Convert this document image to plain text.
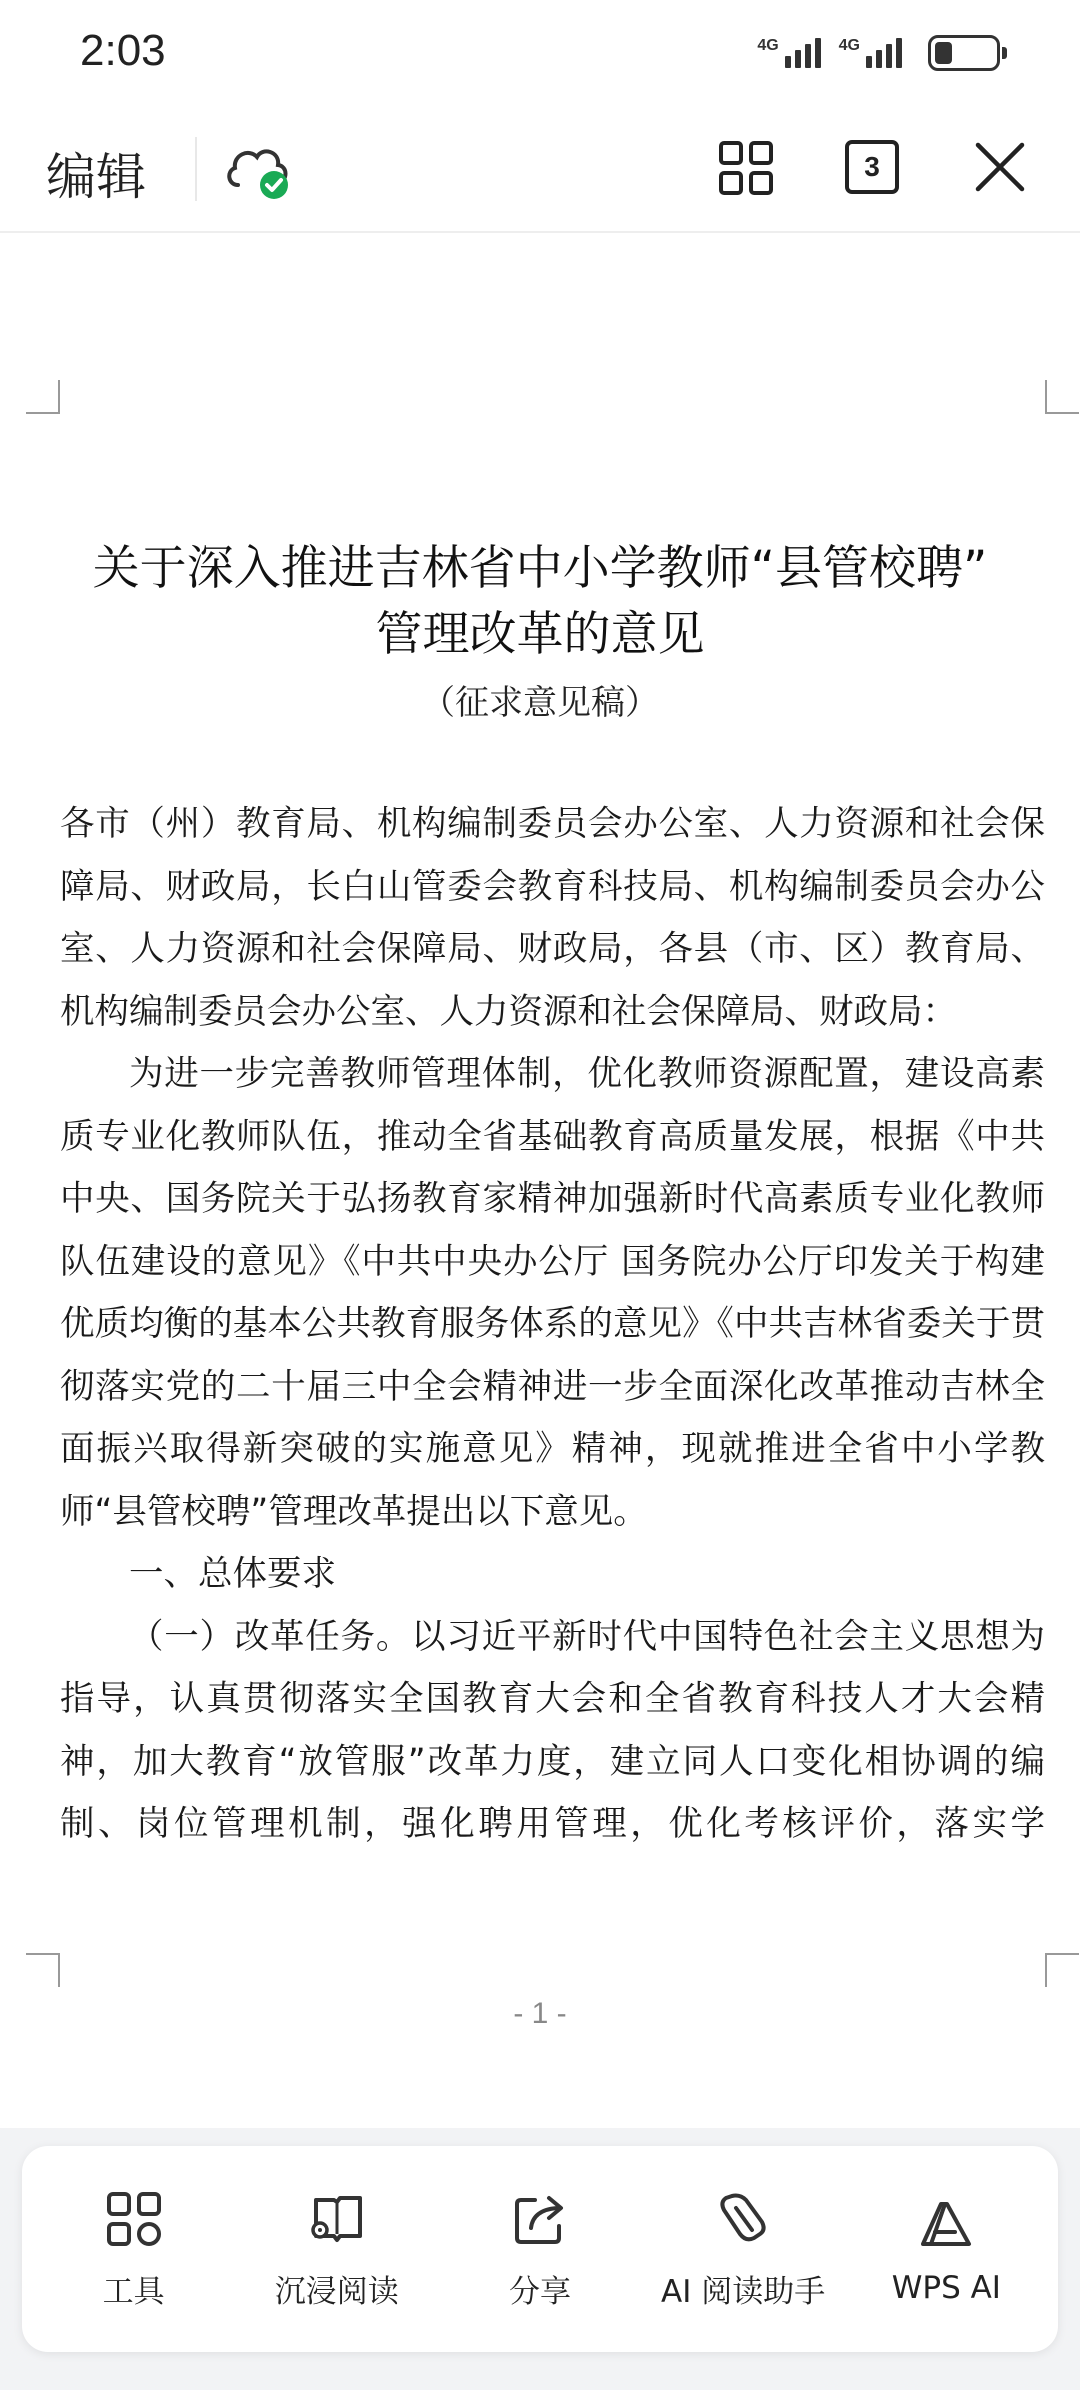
2:03	4G	4G
编辑	3
关于深入推进吉林省中小学教师“县管校聘”
管理改革的意见
（征求意见稿）

各市（州）教育局、机构编制委员会办公室、人力资源和社会保障局、财政局，长白山管委会教育科技局、机构编制委员会办公室、人力资源和社会保障局、财政局，各县（市、区）教育局、机构编制委员会办公室、人力资源和社会保障局、财政局：

为进一步完善教师管理体制，优化教师资源配置，建设高素质专业化教师队伍，推动全省基础教育高质量发展，根据《中共中央、国务院关于弘扬教育家精神加强新时代高素质专业化教师队伍建设的意见》《中共中央办公厅 国务院办公厅印发关于构建优质均衡的基本公共教育服务体系的意见》《中共吉林省委关于贯彻落实党的二十届三中全会精神进一步全面深化改革推动吉林全面振兴取得新突破的实施意见》精神，现就推进全省中小学教师“县管校聘”管理改革提出以下意见。

一、总体要求

（一）改革任务。以习近平新时代中国特色社会主义思想为指导，认真贯彻落实全国教育大会和全省教育科技人才大会精神，加大教育“放管服”改革力度，建立同人口变化相协调的编制、岗位管理机制，强化聘用管理，优化考核评价，落实学

- 1 -
工具	沉浸阅读	分享	AI 阅读助手 WPS AI
